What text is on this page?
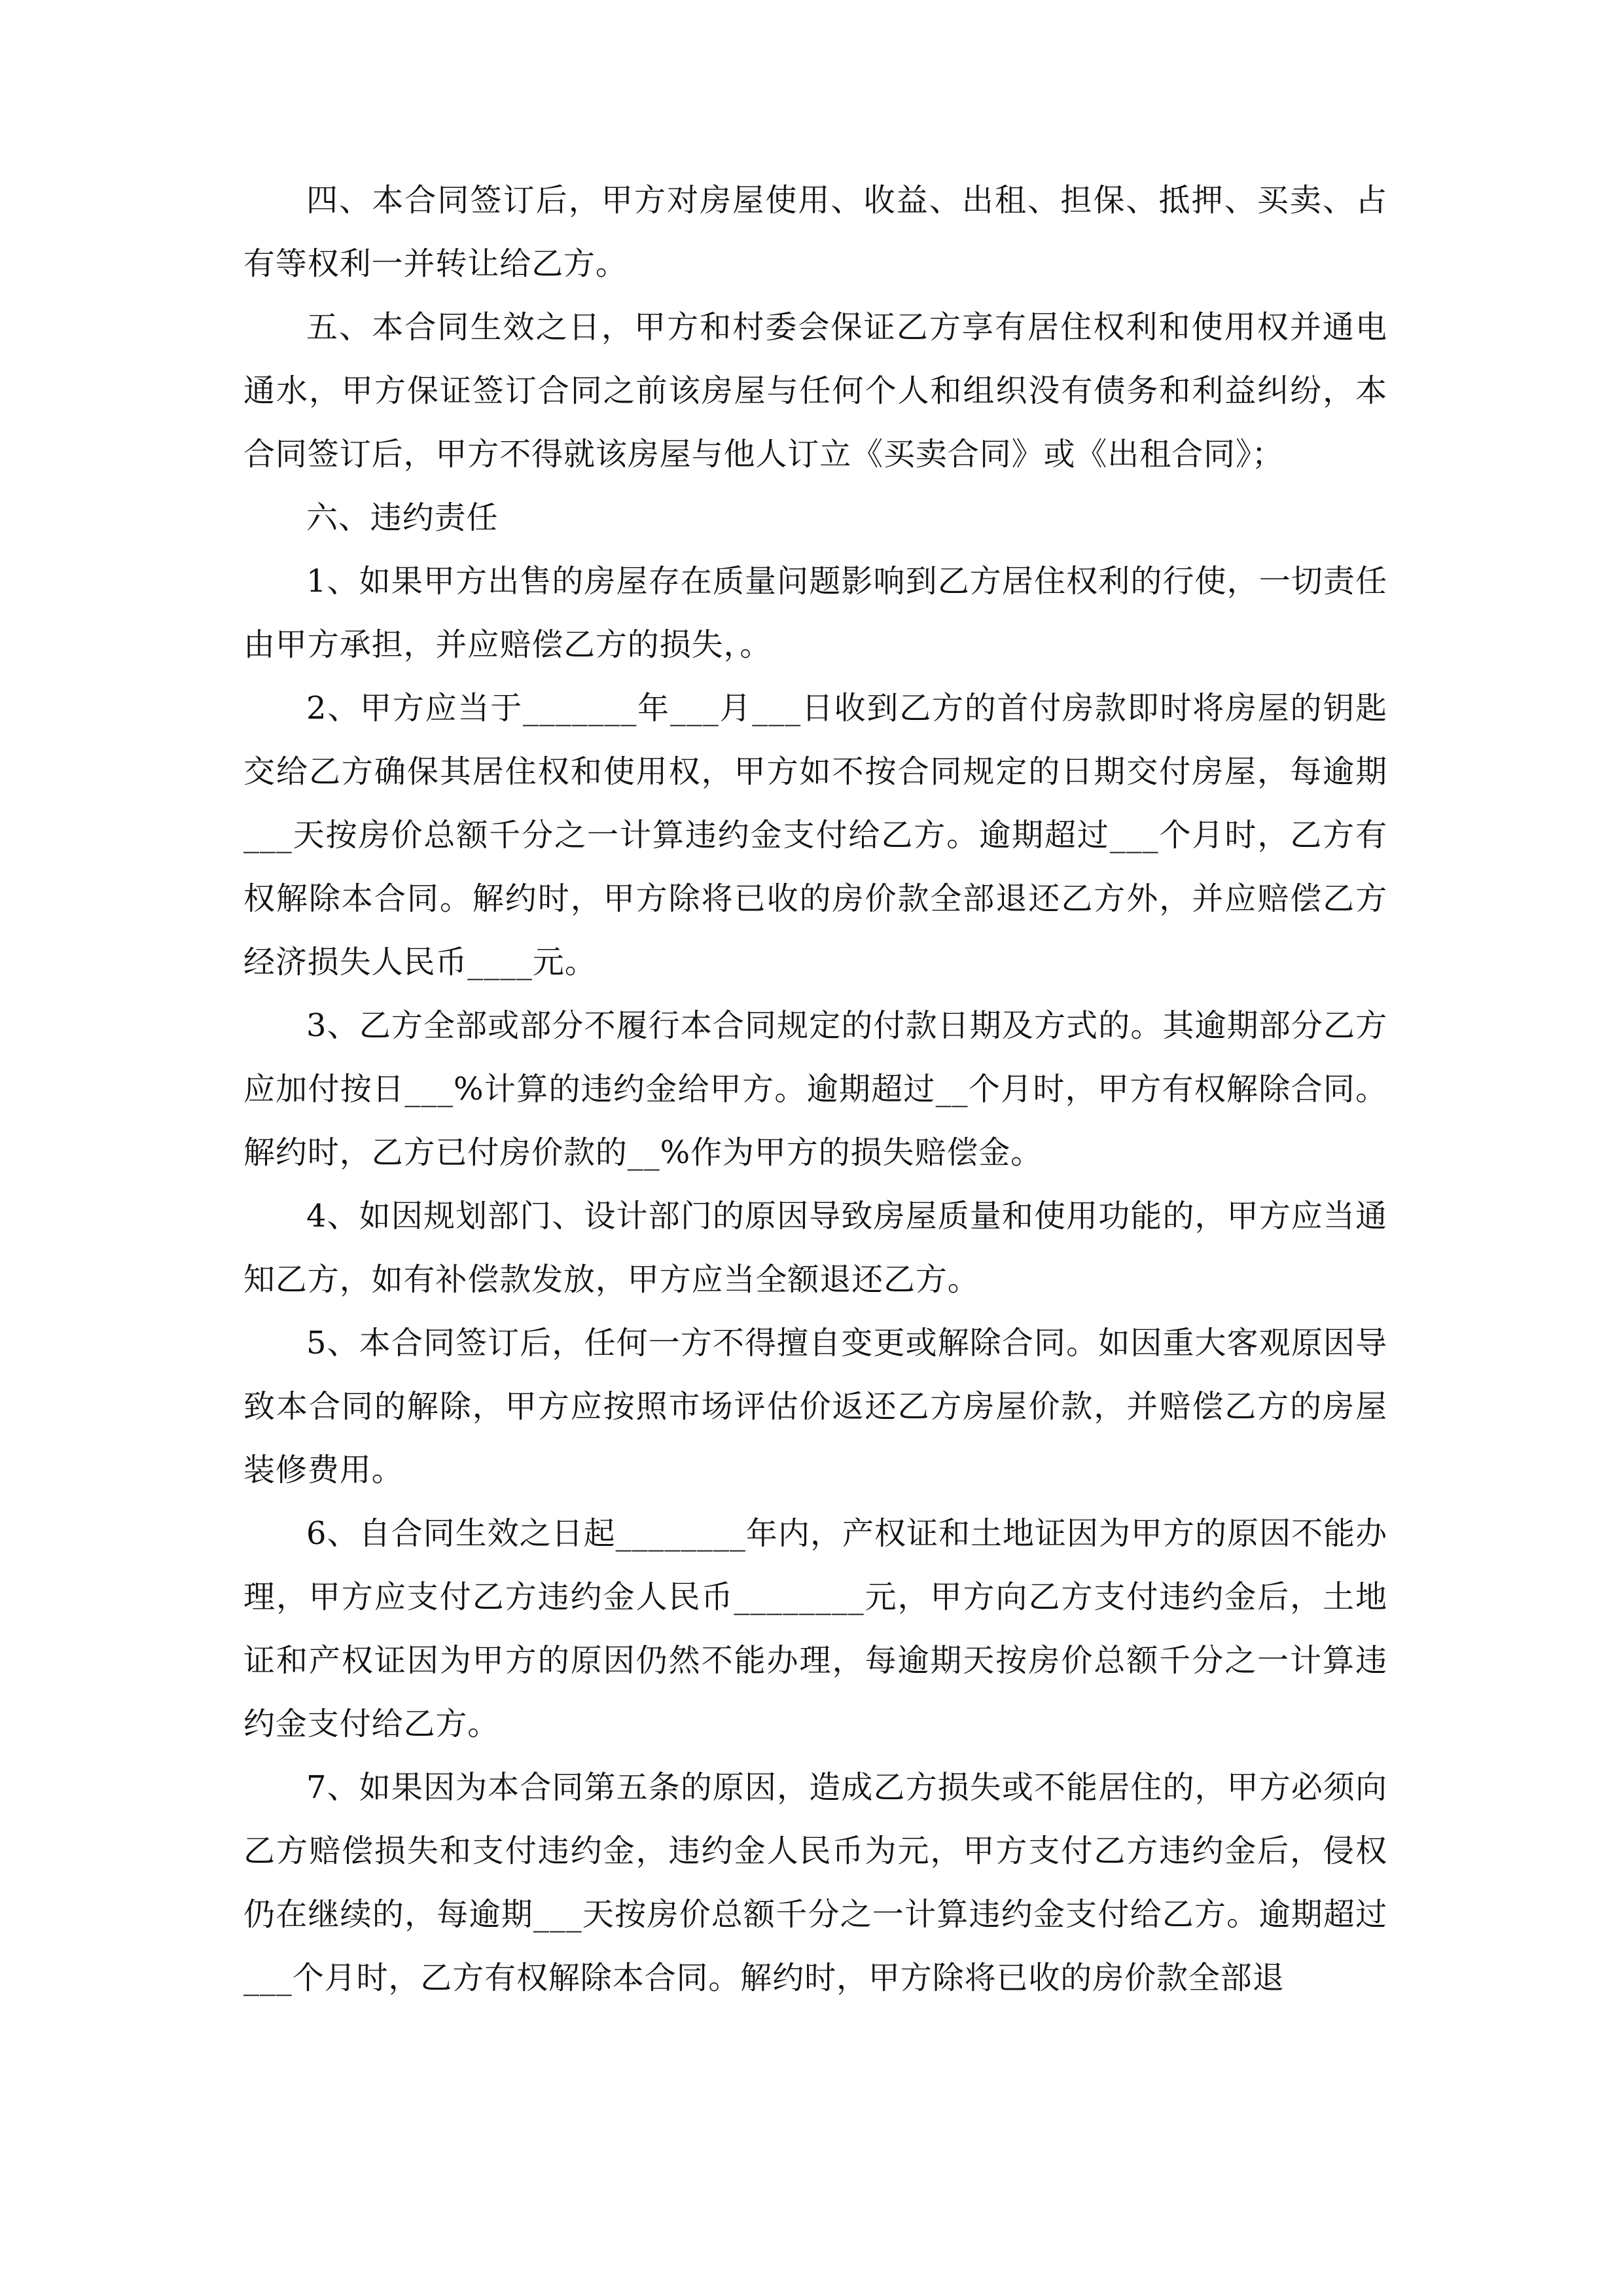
四、本合同签订后，甲方对房屋使用、收益、出租、担保、抵押、买卖、占有等权利一并转让给乙方。

五、本合同生效之日，甲方和村委会保证乙方享有居住权利和使用权并通电通水，甲方保证签订合同之前该房屋与任何个人和组织没有债务和利益纠纷，本合同签订后，甲方不得就该房屋与他人订立《买卖合同》或《出租合同》；

六、违约责任

1、如果甲方出售的房屋存在质量问题影响到乙方居住权利的行使，一切责任由甲方承担，并应赔偿乙方的损失，。

2、甲方应当于_______年___月___日收到乙方的首付房款即时将房屋的钥匙交给乙方确保其居住权和使用权，甲方如不按合同规定的日期交付房屋，每逾期___天按房价总额千分之一计算违约金支付给乙方。逾期超过___个月时，乙方有权解除本合同。解约时，甲方除将已收的房价款全部退还乙方外，并应赔偿乙方经济损失人民币____元。

3、乙方全部或部分不履行本合同规定的付款日期及方式的。其逾期部分乙方应加付按日___%计算的违约金给甲方。逾期超过__个月时，甲方有权解除合同。解约时，乙方已付房价款的__%作为甲方的损失赔偿金。

4、如因规划部门、设计部门的原因导致房屋质量和使用功能的，甲方应当通知乙方，如有补偿款发放，甲方应当全额退还乙方。

5、本合同签订后，任何一方不得擅自变更或解除合同。如因重大客观原因导致本合同的解除，甲方应按照市场评估价返还乙方房屋价款，并赔偿乙方的房屋装修费用。

6、自合同生效之日起________年内，产权证和土地证因为甲方的原因不能办理，甲方应支付乙方违约金人民币________元，甲方向乙方支付违约金后，土地证和产权证因为甲方的原因仍然不能办理，每逾期天按房价总额千分之一计算违约金支付给乙方。

7、如果因为本合同第五条的原因，造成乙方损失或不能居住的，甲方必须向乙方赔偿损失和支付违约金，违约金人民币为元，甲方支付乙方违约金后，侵权仍在继续的，每逾期___天按房价总额千分之一计算违约金支付给乙方。逾期超过___个月时，乙方有权解除本合同。解约时，甲方除将已收的房价款全部退
